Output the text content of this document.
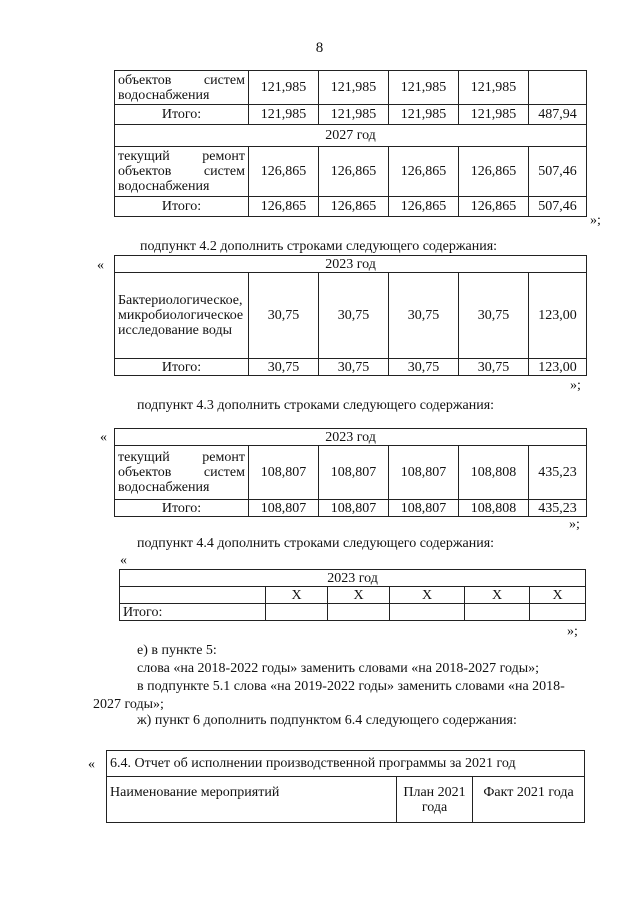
8
объектов систем водоснабжения	121,985	121,985	121,985	121,985	
Итого:	121,985	121,985	121,985	121,985	487,94
2027 год					
текущий ремонт объектов систем водоснабжения	126,865	126,865	126,865	126,865	507,46
Итого:	126,865	126,865	126,865	126,865	507,46
»;
подпункт 4.2 дополнить строками следующего содержания:
«	2023 год					
Бактериологическое, микробиологическое исследование воды	30,75	30,75	30,75	30,75	123,00
Итого:	30,75	30,75	30,75	30,75	123,00
»;
подпункт 4.3 дополнить строками следующего содержания:
«	2023 год					
текущий ремонт объектов систем водоснабжения	108,807	108,807	108,807	108,808	435,23
Итого:	108,807	108,807	108,807	108,808	435,23
»;
подпункт 4.4 дополнить строками следующего содержания:
«
2023 год					
	X	X	X	X	X
Итого:					
»;
е) в пункте 5:
слова «на 2018-2022 годы» заменить словами «на 2018-2027 годы»;
в подпункте 5.1 слова «на 2019-2022 годы» заменить словами «на 2018-
2027 годы»;
ж) пункт 6 дополнить подпунктом 6.4 следующего содержания:
« 6.4. Отчет об исполнении производственной программы за 2021 год
Наименование мероприятий	План 2021 года	Факт 2021 года
